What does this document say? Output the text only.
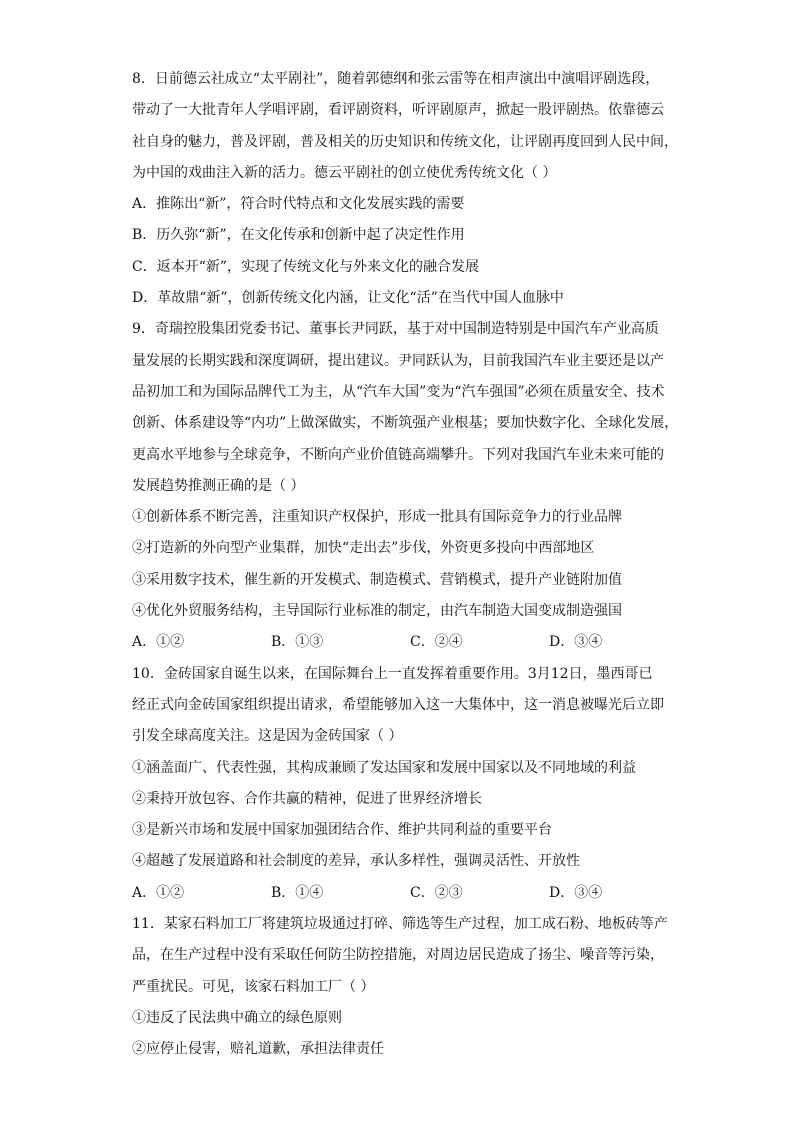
8．日前德云社成立“太平剧社”，随着郭德纲和张云雷等在相声演出中演唱评剧选段，
带动了一大批青年人学唱评剧，看评剧资料，听评剧原声，掀起一股评剧热。依靠德云
社自身的魅力，普及评剧，普及相关的历史知识和传统文化，让评剧再度回到人民中间，
为中国的戏曲注入新的活力。德云平剧社的创立使优秀传统文化（ ）
A．推陈出“新”，符合时代特点和文化发展实践的需要
B．历久弥“新”，在文化传承和创新中起了决定性作用
C．返本开“新”，实现了传统文化与外来文化的融合发展
D．革故鼎“新”，创新传统文化内涵，让文化“活”在当代中国人血脉中
9．奇瑞控股集团党委书记、董事长尹同跃，基于对中国制造特别是中国汽车产业高质
量发展的长期实践和深度调研，提出建议。尹同跃认为，目前我国汽车业主要还是以产
品初加工和为国际品牌代工为主，从“汽车大国”变为“汽车强国”必须在质量安全、技术
创新、体系建设等“内功”上做深做实，不断筑强产业根基；要加快数字化、全球化发展，
更高水平地参与全球竞争，不断向产业价值链高端攀升。下列对我国汽车业未来可能的
发展趋势推测正确的是（ ）
①创新体系不断完善，注重知识产权保护，形成一批具有国际竞争力的行业品牌
②打造新的外向型产业集群，加快“走出去”步伐，外资更多投向中西部地区
③采用数字技术，催生新的开发模式、制造模式、营销模式，提升产业链附加值
④优化外贸服务结构，主导国际行业标准的制定，由汽车制造大国变成制造强国
A．①②	B．①③	C．②④	D．③④
10．金砖国家自诞生以来，在国际舞台上一直发挥着重要作用。3月12日，墨西哥已
经正式向金砖国家组织提出请求，希望能够加入这一大集体中，这一消息被曝光后立即
引发全球高度关注。这是因为金砖国家（ ）
①涵盖面广、代表性强，其构成兼顾了发达国家和发展中国家以及不同地域的利益
②秉持开放包容、合作共赢的精神，促进了世界经济增长
③是新兴市场和发展中国家加强团结合作、维护共同利益的重要平台
④超越了发展道路和社会制度的差异，承认多样性，强调灵活性、开放性
A．①②	B．①④	C．②③	D．③④
11．某家石料加工厂将建筑垃圾通过打碎、筛选等生产过程，加工成石粉、地板砖等产
品，在生产过程中没有采取任何防尘防控措施，对周边居民造成了扬尘、噪音等污染，
严重扰民。可见，该家石料加工厂（ ）
①违反了民法典中确立的绿色原则
②应停止侵害，赔礼道歉，承担法律责任
